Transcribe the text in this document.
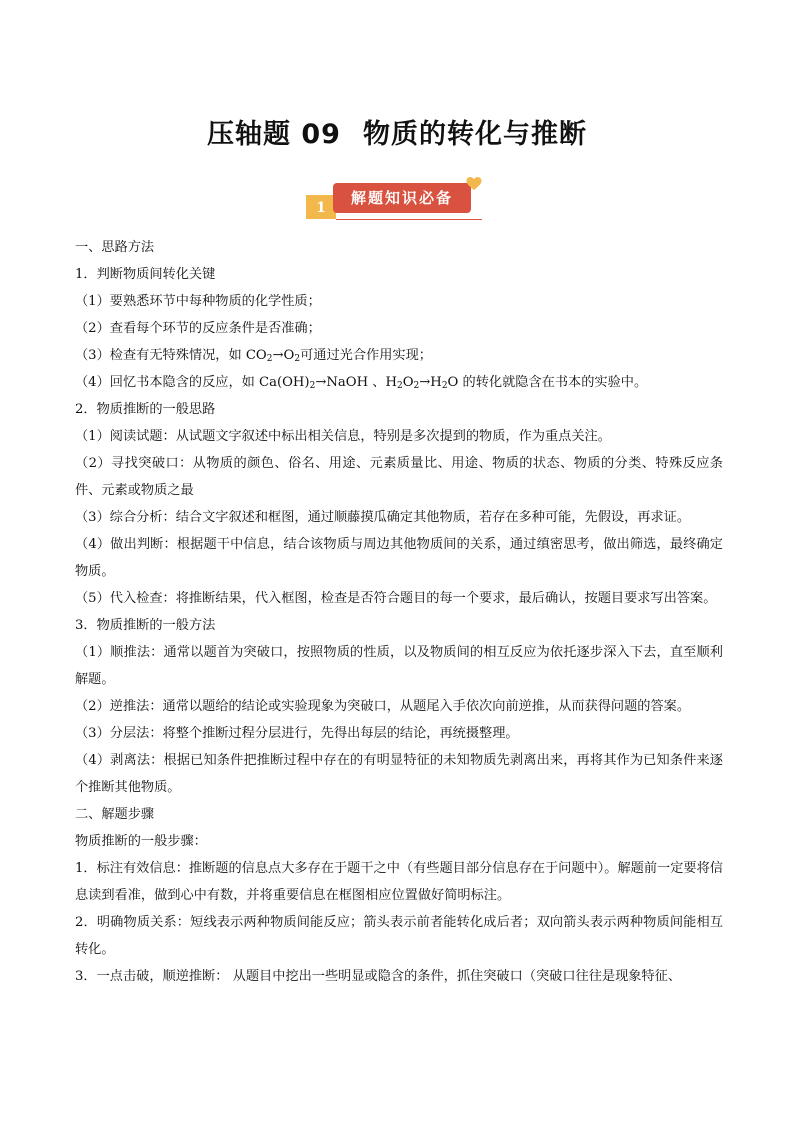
压轴题 09 物质的转化与推断
1
解题知识必备

一、思路方法

1．判断物质间转化关键

（1）要熟悉环节中每种物质的化学性质；

（2）查看每个环节的反应条件是否准确；

（3）检查有无特殊情况，如 $CO_2\to O_2$可通过光合作用实现；

（4）回忆书本隐含的反应，如 $Ca(OH)_2\to NaOH$ 、$H_2O_2\to H_2O$ 的转化就隐含在书本的实验中。

2．物质推断的一般思路

（1）阅读试题：从试题文字叙述中标出相关信息，特别是多次提到的物质，作为重点关注。

（2）寻找突破口：从物质的颜色、俗名、用途、元素质量比、用途、物质的状态、物质的分类、特殊反应条件、元素或物质之最

（3）综合分析：结合文字叙述和框图，通过顺藤摸瓜确定其他物质，若存在多种可能，先假设，再求证。

（4）做出判断：根据题干中信息，结合该物质与周边其他物质间的关系，通过缜密思考，做出筛选，最终确定物质。

（5）代入检查：将推断结果，代入框图，检查是否符合题目的每一个要求，最后确认，按题目要求写出答案。

3．物质推断的一般方法

（1）顺推法：通常以题首为突破口，按照物质的性质，以及物质间的相互反应为依托逐步深入下去，直至顺利解题。

（2）逆推法：通常以题给的结论或实验现象为突破口，从题尾入手依次向前逆推，从而获得问题的答案。

（3）分层法：将整个推断过程分层进行，先得出每层的结论，再统摄整理。

（4）剥离法：根据已知条件把推断过程中存在的有明显特征的未知物质先剥离出来，再将其作为已知条件来逐个推断其他物质。

二、解题步骤

物质推断的一般步骤：

1．标注有效信息：推断题的信息点大多存在于题干之中（有些题目部分信息存在于问题中）。解题前一定要将信息读到看准，做到心中有数，并将重要信息在框图相应位置做好简明标注。

2．明确物质关系：短线表示两种物质间能反应；箭头表示前者能转化成后者；双向箭头表示两种物质间能相互转化。

3．一点击破，顺逆推断： 从题目中挖出一些明显或隐含的条件，抓住突破口（突破口往往是现象特征、
